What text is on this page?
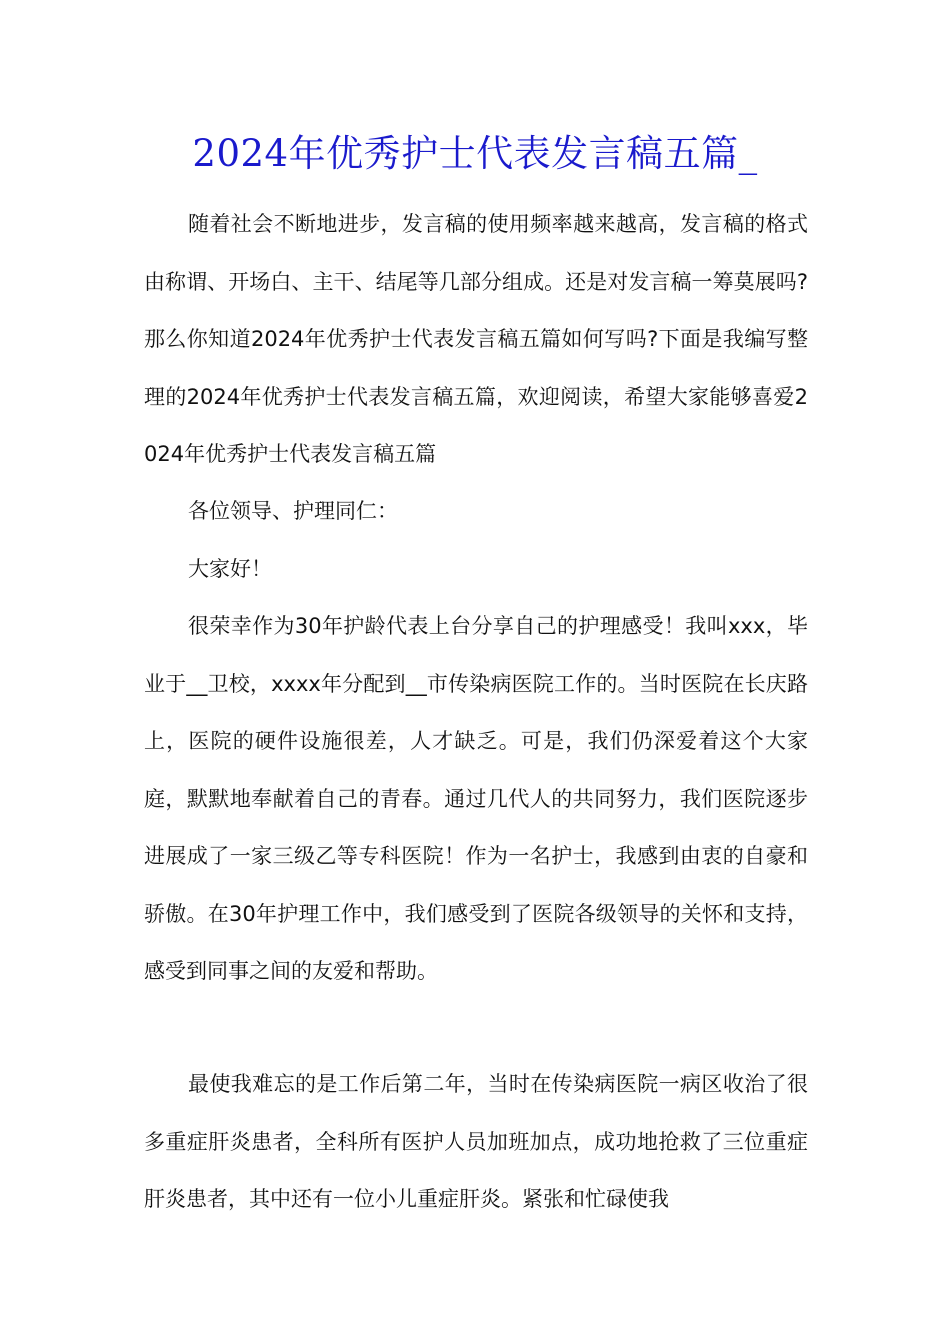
2024年优秀护士代表发言稿五篇_

随着社会不断地进步，发言稿的使用频率越来越高，发言稿的格式由称谓、开场白、主干、结尾等几部分组成。还是对发言稿一筹莫展吗?那么你知道2024年优秀护士代表发言稿五篇如何写吗?下面是我编写整理的2024年优秀护士代表发言稿五篇，欢迎阅读，希望大家能够喜爱2024年优秀护士代表发言稿五篇

各位领导、护理同仁：

大家好！

很荣幸作为30年护龄代表上台分享自己的护理感受！我叫xxx，毕业于__卫校，xxxx年分配到__市传染病医院工作的。当时医院在长庆路上，医院的硬件设施很差，人才缺乏。可是，我们仍深爱着这个大家庭，默默地奉献着自己的青春。通过几代人的共同努力，我们医院逐步进展成了一家三级乙等专科医院！作为一名护士，我感到由衷的自豪和骄傲。在30年护理工作中，我们感受到了医院各级领导的关怀和支持，感受到同事之间的友爱和帮助。

最使我难忘的是工作后第二年，当时在传染病医院一病区收治了很多重症肝炎患者，全科所有医护人员加班加点，成功地抢救了三位重症肝炎患者，其中还有一位小儿重症肝炎。紧张和忙碌使我
